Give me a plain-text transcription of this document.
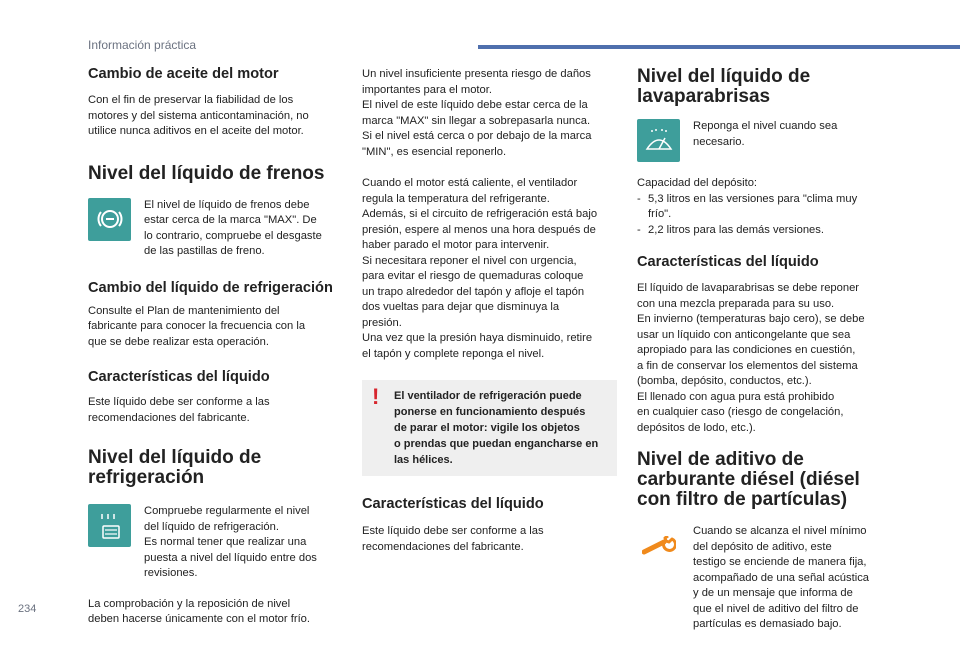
Información práctica
Cambio de aceite del motor

Con el fin de preservar la fiabilidad de los
motores y del sistema anticontaminación, no
utilice nunca aditivos en el aceite del motor.

Nivel del líquido de frenos

El nivel de líquido de frenos debe
estar cerca de la marca "MAX". De
lo contrario, compruebe el desgaste
de las pastillas de freno.

Cambio del líquido de refrigeración

Consulte el Plan de mantenimiento del
fabricante para conocer la frecuencia con la
que se debe realizar esta operación.

Características del líquido

Este líquido debe ser conforme a las
recomendaciones del fabricante.

Nivel del líquido de refrigeración

Compruebe regularmente el nivel
del líquido de refrigeración.
Es normal tener que realizar una
puesta a nivel del líquido entre dos
revisiones.

La comprobación y la reposición de nivel
deben hacerse únicamente con el motor frío.

Un nivel insuficiente presenta riesgo de daños
importantes para el motor.
El nivel de este líquido debe estar cerca de la
marca "MAX" sin llegar a sobrepasarla nunca.
Si el nivel está cerca o por debajo de la marca
"MIN", es esencial reponerlo.

Cuando el motor está caliente, el ventilador
regula la temperatura del refrigerante.
Además, si el circuito de refrigeración está bajo
presión, espere al menos una hora después de
haber parado el motor para intervenir.
Si necesitara reponer el nivel con urgencia,
para evitar el riesgo de quemaduras coloque
un trapo alrededor del tapón y afloje el tapón
dos vueltas para dejar que disminuya la
presión.
Una vez que la presión haya disminuido, retire
el tapón y complete reponga el nivel.

! El ventilador de refrigeración puede
ponerse en funcionamiento después
de parar el motor: vigile los objetos
o prendas que puedan engancharse en
las hélices.

Características del líquido

Este líquido debe ser conforme a las
recomendaciones del fabricante.

Nivel del líquido de lavaparabrisas

Reponga el nivel cuando sea
necesario.

Capacidad del depósito:

- 5,3 litros en las versiones para "clima muy
frío".

- 2,2 litros para las demás versiones.

Características del líquido

El líquido de lavaparabrisas se debe reponer
con una mezcla preparada para su uso.
En invierno (temperaturas bajo cero), se debe
usar un líquido con anticongelante que sea
apropiado para las condiciones en cuestión,
a fin de conservar los elementos del sistema
(bomba, depósito, conductos, etc.).
El llenado con agua pura está prohibido
en cualquier caso (riesgo de congelación,
depósitos de lodo, etc.).

Nivel de aditivo de carburante diésel (diésel con filtro de partículas)

Cuando se alcanza el nivel mínimo
del depósito de aditivo, este
testigo se enciende de manera fija,
acompañado de una señal acústica
y de un mensaje que informa de
que el nivel de aditivo del filtro de
partículas es demasiado bajo.

234
